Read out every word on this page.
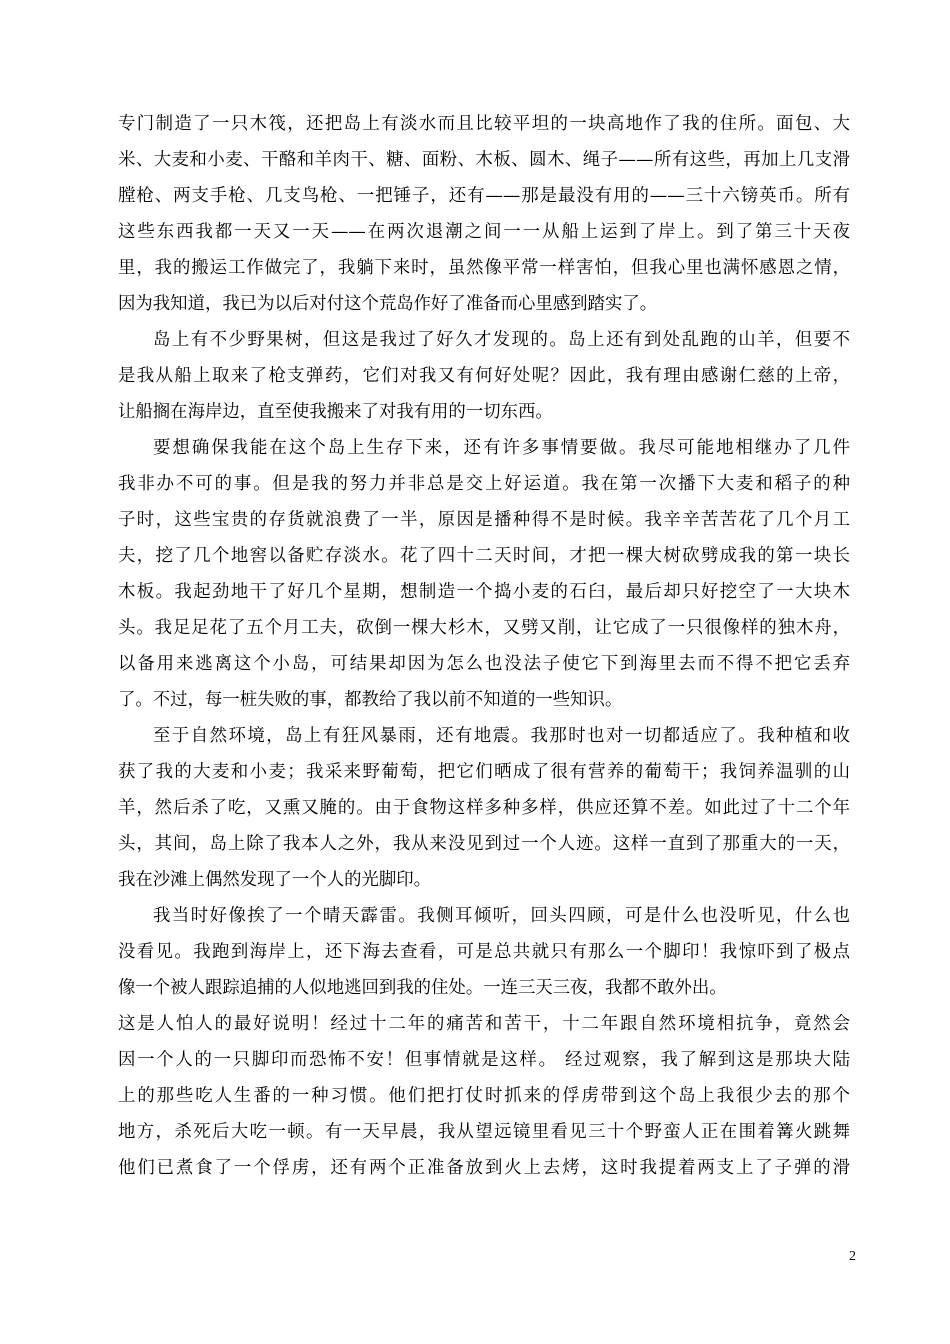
专门制造了一只木筏，还把岛上有淡水而且比较平坦的一块高地作了我的住所。面包、大
米、大麦和小麦、干酪和羊肉干、糖、面粉、木板、圆木、绳子——所有这些，再加上几支滑
膛枪、两支手枪、几支鸟枪、一把锤子，还有——那是最没有用的——三十六镑英币。所有
这些东西我都一天又一天——在两次退潮之间一一从船上运到了岸上。到了第三十天夜
里，我的搬运工作做完了，我躺下来时，虽然像平常一样害怕，但我心里也满怀感恩之情，
因为我知道，我已为以后对付这个荒岛作好了准备而心里感到踏实了。
岛上有不少野果树，但这是我过了好久才发现的。岛上还有到处乱跑的山羊，但要不
是我从船上取来了枪支弹药，它们对我又有何好处呢？因此，我有理由感谢仁慈的上帝，
让船搁在海岸边，直至使我搬来了对我有用的一切东西。
要想确保我能在这个岛上生存下来，还有许多事情要做。我尽可能地相继办了几件
我非办不可的事。但是我的努力并非总是交上好运道。我在第一次播下大麦和稻子的种
子时，这些宝贵的存货就浪费了一半，原因是播种得不是时候。我辛辛苦苦花了几个月工
夫，挖了几个地窖以备贮存淡水。花了四十二天时间，才把一棵大树砍劈成我的第一块长
木板。我起劲地干了好几个星期，想制造一个捣小麦的石臼，最后却只好挖空了一大块木
头。我足足花了五个月工夫，砍倒一棵大杉木，又劈又削，让它成了一只很像样的独木舟，
以备用来逃离这个小岛，可结果却因为怎么也没法子使它下到海里去而不得不把它丢弃
了。不过，每一桩失败的事，都教给了我以前不知道的一些知识。
至于自然环境，岛上有狂风暴雨，还有地震。我那时也对一切都适应了。我种植和收
获了我的大麦和小麦；我采来野葡萄，把它们晒成了很有营养的葡萄干；我饲养温驯的山
羊，然后杀了吃，又熏又腌的。由于食物这样多种多样，供应还算不差。如此过了十二个年
头，其间，岛上除了我本人之外，我从来没见到过一个人迹。这样一直到了那重大的一天，
我在沙滩上偶然发现了一个人的光脚印。
我当时好像挨了一个晴天霹雷。我侧耳倾听，回头四顾，可是什么也没听见，什么也
没看见。我跑到海岸上，还下海去查看，可是总共就只有那么一个脚印！我惊吓到了极点
像一个被人跟踪追捕的人似地逃回到我的住处。一连三天三夜，我都不敢外出。
这是人怕人的最好说明！经过十二年的痛苦和苦干，十二年跟自然环境相抗争，竟然会
因一个人的一只脚印而恐怖不安！但事情就是这样。 经过观察，我了解到这是那块大陆
上的那些吃人生番的一种习惯。他们把打仗时抓来的俘虏带到这个岛上我很少去的那个
地方，杀死后大吃一顿。有一天早晨，我从望远镜里看见三十个野蛮人正在围着篝火跳舞
他们已煮食了一个俘虏，还有两个正准备放到火上去烤，这时我提着两支上了子弹的滑
2
